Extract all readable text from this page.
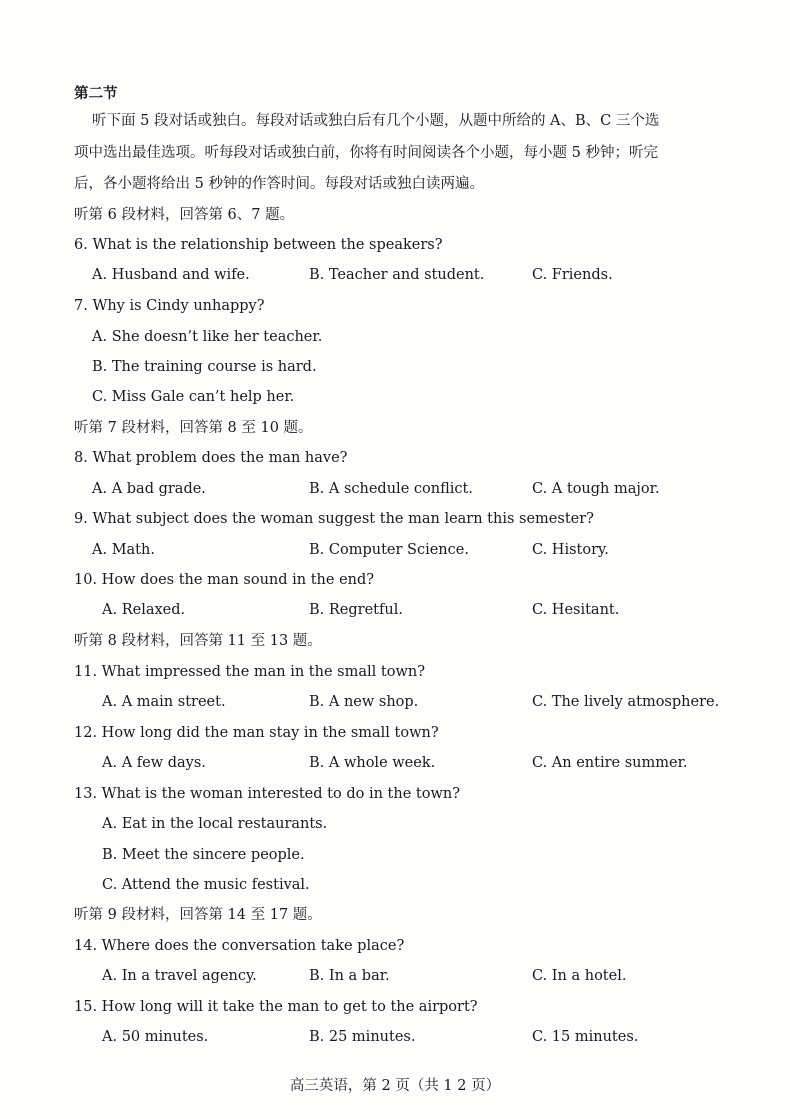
第二节
听下面 5 段对话或独白。每段对话或独白后有几个小题，从题中所给的 A、B、C 三个选
项中选出最佳选项。听每段对话或独白前，你将有时间阅读各个小题，每小题 5 秒钟；听完
后，各小题将给出 5 秒钟的作答时间。每段对话或独白读两遍。
听第 6 段材料，回答第 6、7 题。
6. What is the relationship between the speakers?
A. Husband and wife.	B. Teacher and student.	C. Friends.
7. Why is Cindy unhappy?
A. She doesn’t like her teacher.
B. The training course is hard.
C. Miss Gale can’t help her.
听第 7 段材料，回答第 8 至 10 题。
8. What problem does the man have?
A. A bad grade.	B. A schedule conflict.	C. A tough major.
9. What subject does the woman suggest the man learn this semester?
A. Math.	B. Computer Science.	C. History.
10. How does the man sound in the end?
A. Relaxed.	B. Regretful.	C. Hesitant.
听第 8 段材料，回答第 11 至 13 题。
11. What impressed the man in the small town?
A. A main street.	B. A new shop.	C. The lively atmosphere.
12. How long did the man stay in the small town?
A. A few days.	B. A whole week.	C. An entire summer.
13. What is the woman interested to do in the town?
A. Eat in the local restaurants.
B. Meet the sincere people.
C. Attend the music festival.
听第 9 段材料，回答第 14 至 17 题。
14. Where does the conversation take place?
A. In a travel agency.	B. In a bar.	C. In a hotel.
15. How long will it take the man to get to the airport?
A. 50 minutes.	B. 25 minutes.	C. 15 minutes.
高三英语，第 2 页（共 1 2 页）
